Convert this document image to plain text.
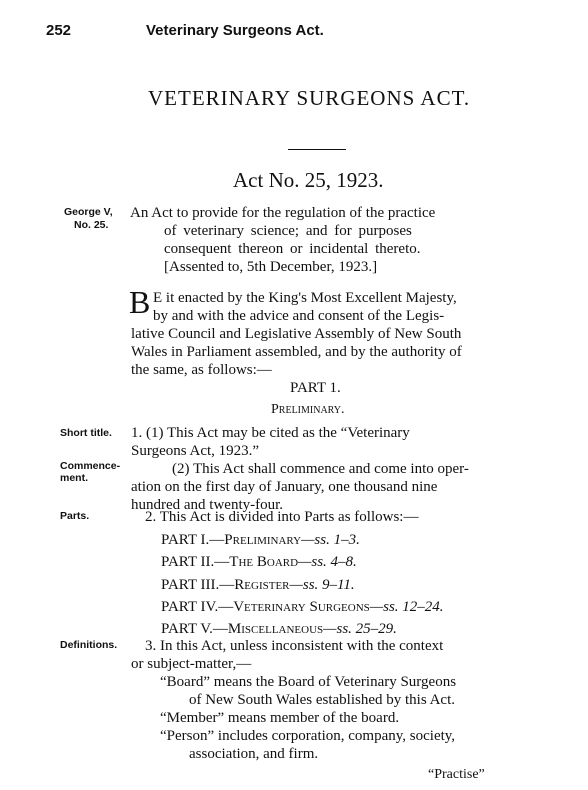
252	Veterinary Surgeons Act.
VETERINARY SURGEONS ACT.
Act No. 25, 1923.
George V,
No. 25.
Short title.
Commence-
ment.
Parts.
Definitions.
An Act to provide for the regulation of the practice
of veterinary science; and for purposes
consequent thereon or incidental thereto.
[Assented to, 5th December, 1923.]
B E it enacted by the King's Most Excellent Majesty,
by and with the advice and consent of the Legis-
lative Council and Legislative Assembly of New South
Wales in Parliament assembled, and by the authority of
the same, as follows:—
PART 1.
Preliminary.
1. (1) This Act may be cited as the “Veterinary
Surgeons Act, 1923.”
(2) This Act shall commence and come into oper-
ation on the first day of January, one thousand nine
hundred and twenty-four.
2. This Act is divided into Parts as follows:—
PART I.—Preliminary—ss. 1–3.
PART II.—The Board—ss. 4–8.
PART III.—Register—ss. 9–11.
PART IV.—Veterinary Surgeons—ss. 12–24.
PART V.—Miscellaneous—ss. 25–29.
3. In this Act, unless inconsistent with the context
or subject-matter,—
“Board” means the Board of Veterinary Surgeons
of New South Wales established by this Act.
“Member” means member of the board.
“Person” includes corporation, company, society,
association, and firm.
“Practise”
